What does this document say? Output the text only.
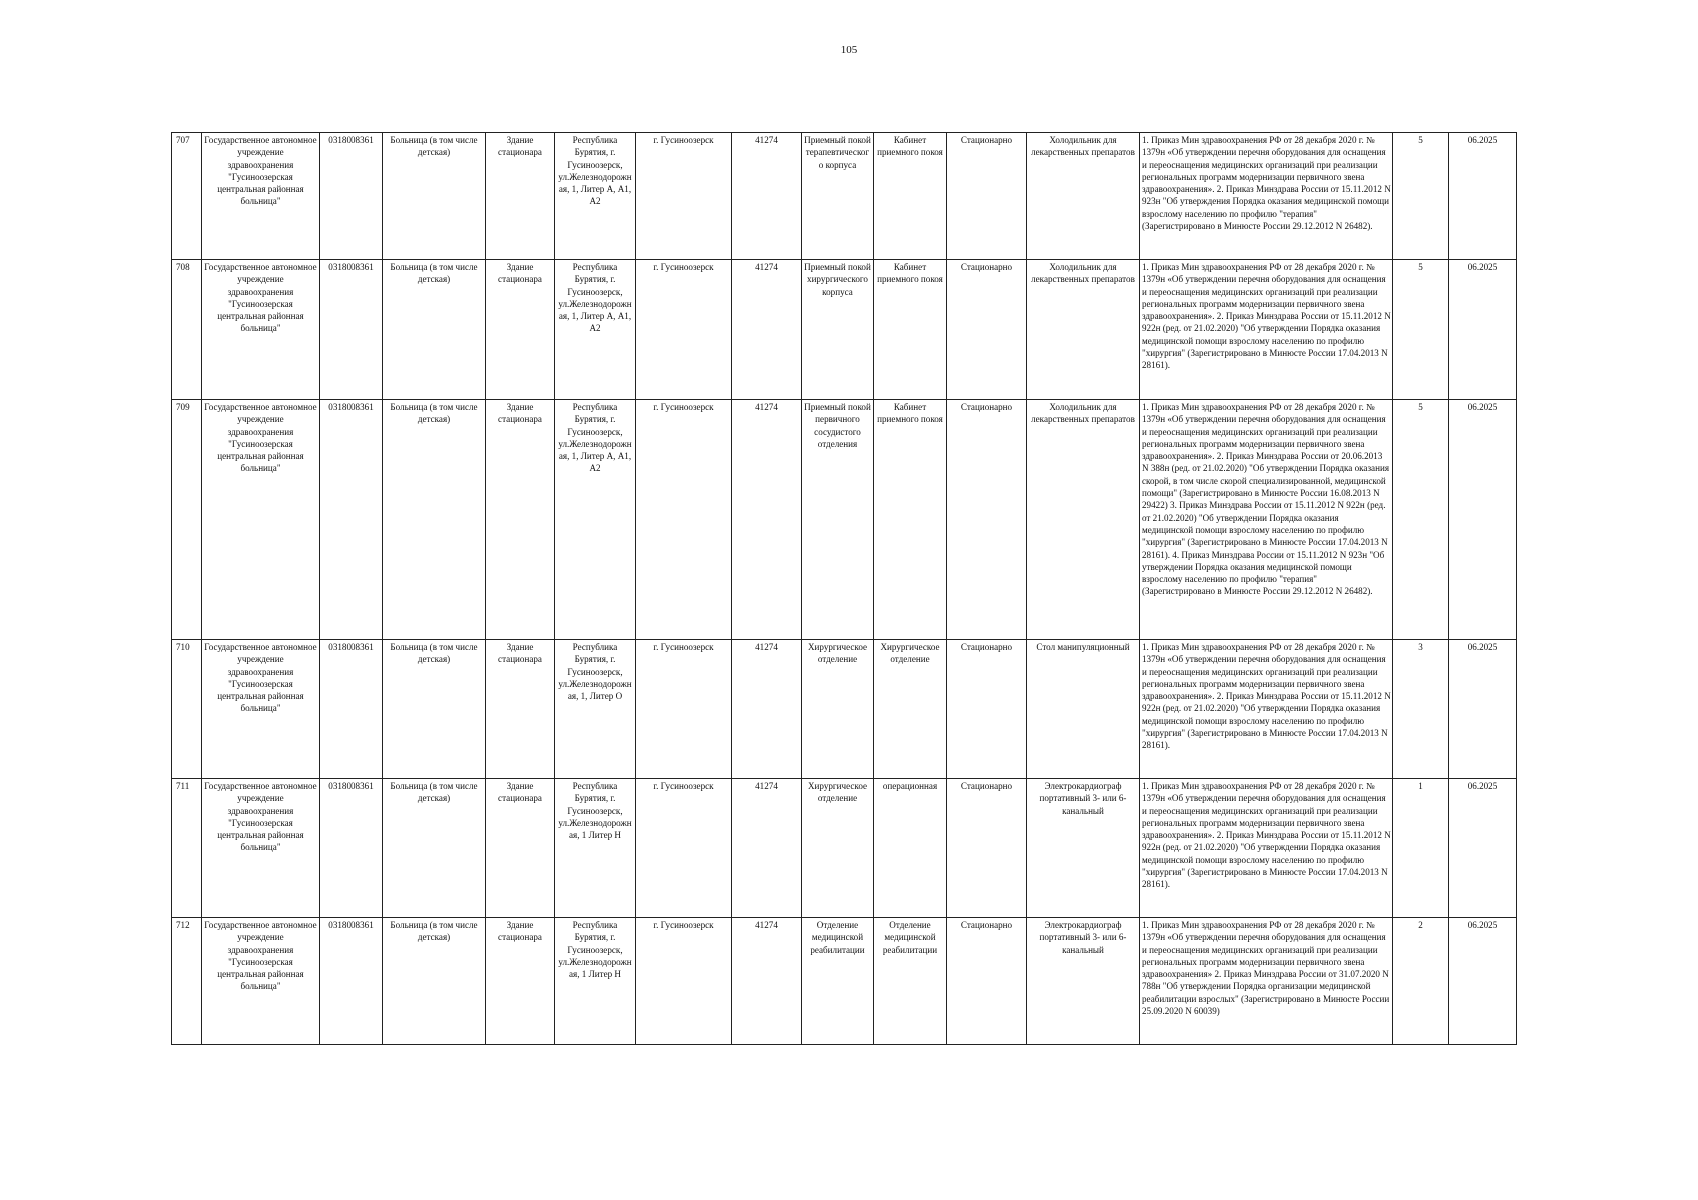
105
707	Государственное автономное учреждение здравоохранения "Гусиноозерская центральная районная больница"	0318008361	Больница (в том числе детская)	Здание стационара	Республика Бурятия, г. Гусиноозерск, ул.Железнодорожная, 1, Литер А, А1, А2	г. Гусиноозерск	41274	Приемный покой терапевтического корпуса	Кабинет приемного покоя	Стационарно	Холодильник для лекарственных препаратов	1. Приказ Мин здравоохранения РФ от 28 декабря 2020 г. № 1379н «Об утверждении перечня оборудования для оснащения и переоснащения медицинских организаций при реализации региональных программ модернизации первичного звена здравоохранения». 2. Приказ Минздрава России от 15.11.2012 N 923н "Об утверждения Порядка оказания медицинской помощи взрослому населению по профилю "терапия" (Зарегистрировано в Минюсте России 29.12.2012 N 26482).	5	06.2025
708	Государственное автономное учреждение здравоохранения "Гусиноозерская центральная районная больница"	0318008361	Больница (в том числе детская)	Здание стационара	Республика Бурятия, г. Гусиноозерск, ул.Железнодорожная, 1, Литер А, А1, А2	г. Гусиноозерск	41274	Приемный покой хирургического корпуса	Кабинет приемного покоя	Стационарно	Холодильник для лекарственных препаратов	1. Приказ Мин здравоохранения РФ от 28 декабря 2020 г. № 1379н «Об утверждении перечня оборудования для оснащения и переоснащения медицинских организаций при реализации региональных программ модернизации первичного звена здравоохранения». 2. Приказ Минздрава России от 15.11.2012 N 922н (ред. от 21.02.2020) "Об утверждении Порядка оказания медицинской помощи взрослому населению по профилю "хирургия" (Зарегистрировано в Минюсте России 17.04.2013 N 28161).	5	06.2025
709	Государственное автономное учреждение здравоохранения "Гусиноозерская центральная районная больница"	0318008361	Больница (в том числе детская)	Здание стационара	Республика Бурятия, г. Гусиноозерск, ул.Железнодорожная, 1, Литер А, А1, А2	г. Гусиноозерск	41274	Приемный покой первичного сосудистого отделения	Кабинет приемного покоя	Стационарно	Холодильник для лекарственных препаратов	1. Приказ Мин здравоохранения РФ от 28 декабря 2020 г. № 1379н «Об утверждении перечня оборудования для оснащения и переоснащения медицинских организаций при реализации региональных программ модернизации первичного звена здравоохранения». 2. Приказ Минздрава России от 20.06.2013 N 388н (ред. от 21.02.2020) "Об утверждении Порядка оказания скорой, в том числе скорой специализированной, медицинской помощи" (Зарегистрировано в Минюсте России 16.08.2013 N 29422) 3. Приказ Минздрава России от 15.11.2012 N 922н (ред. от 21.02.2020) "Об утверждении Порядка оказания медицинской помощи взрослому населению по профилю "хирургия" (Зарегистрировано в Минюсте России 17.04.2013 N 28161). 4. Приказ Минздрава России от 15.11.2012 N 923н "Об утверждении Порядка оказания медицинской помощи взрослому населению по профилю "терапия" (Зарегистрировано в Минюсте России 29.12.2012 N 26482).	5	06.2025
710	Государственное автономное учреждение здравоохранения "Гусиноозерская центральная районная больница"	0318008361	Больница (в том числе детская)	Здание стационара	Республика Бурятия, г. Гусиноозерск, ул.Железнодорожная, 1, Литер О	г. Гусиноозерск	41274	Хирургическое отделение	Хирургическое отделение	Стационарно	Стол манипуляционный	1. Приказ Мин здравоохранения РФ от 28 декабря 2020 г. № 1379н «Об утверждении перечня оборудования для оснащения и переоснащения медицинских организаций при реализации региональных программ модернизации первичного звена здравоохранения». 2. Приказ Минздрава России от 15.11.2012 N 922н (ред. от 21.02.2020) "Об утверждении Порядка оказания медицинской помощи взрослому населению по профилю "хирургия" (Зарегистрировано в Минюсте России 17.04.2013 N 28161).	3	06.2025
711	Государственное автономное учреждение здравоохранения "Гусиноозерская центральная районная больница"	0318008361	Больница (в том числе детская)	Здание стационара	Республика Бурятия, г. Гусиноозерск, ул.Железнодорожная, 1 Литер Н	г. Гусиноозерск	41274	Хирургическое отделение	операционная	Стационарно	Электрокардиограф портативный 3- или 6-канальный	1. Приказ Мин здравоохранения РФ от 28 декабря 2020 г. № 1379н «Об утверждении перечня оборудования для оснащения и переоснащения медицинских организаций при реализации региональных программ модернизации первичного звена здравоохранения». 2. Приказ Минздрава России от 15.11.2012 N 922н (ред. от 21.02.2020) "Об утверждении Порядка оказания медицинской помощи взрослому населению по профилю "хирургия" (Зарегистрировано в Минюсте России 17.04.2013 N 28161).	1	06.2025
712	Государственное автономное учреждение здравоохранения "Гусиноозерская центральная районная больница"	0318008361	Больница (в том числе детская)	Здание стационара	Республика Бурятия, г. Гусиноозерск, ул.Железнодорожная, 1 Литер Н	г. Гусиноозерск	41274	Отделение медицинской реабилитации	Отделение медицинской реабилитации	Стационарно	Электрокардиограф портативный 3- или 6-канальный	1. Приказ Мин здравоохранения РФ от 28 декабря 2020 г. № 1379н «Об утверждении перечня оборудования для оснащения и переоснащения медицинских организаций при реализации региональных программ модернизации первичного звена здравоохранения» 2. Приказ Минздрава России от 31.07.2020 N 788н "Об утверждении Порядка организации медицинской реабилитации взрослых" (Зарегистрировано в Минюсте России 25.09.2020 N 60039)	2	06.2025
